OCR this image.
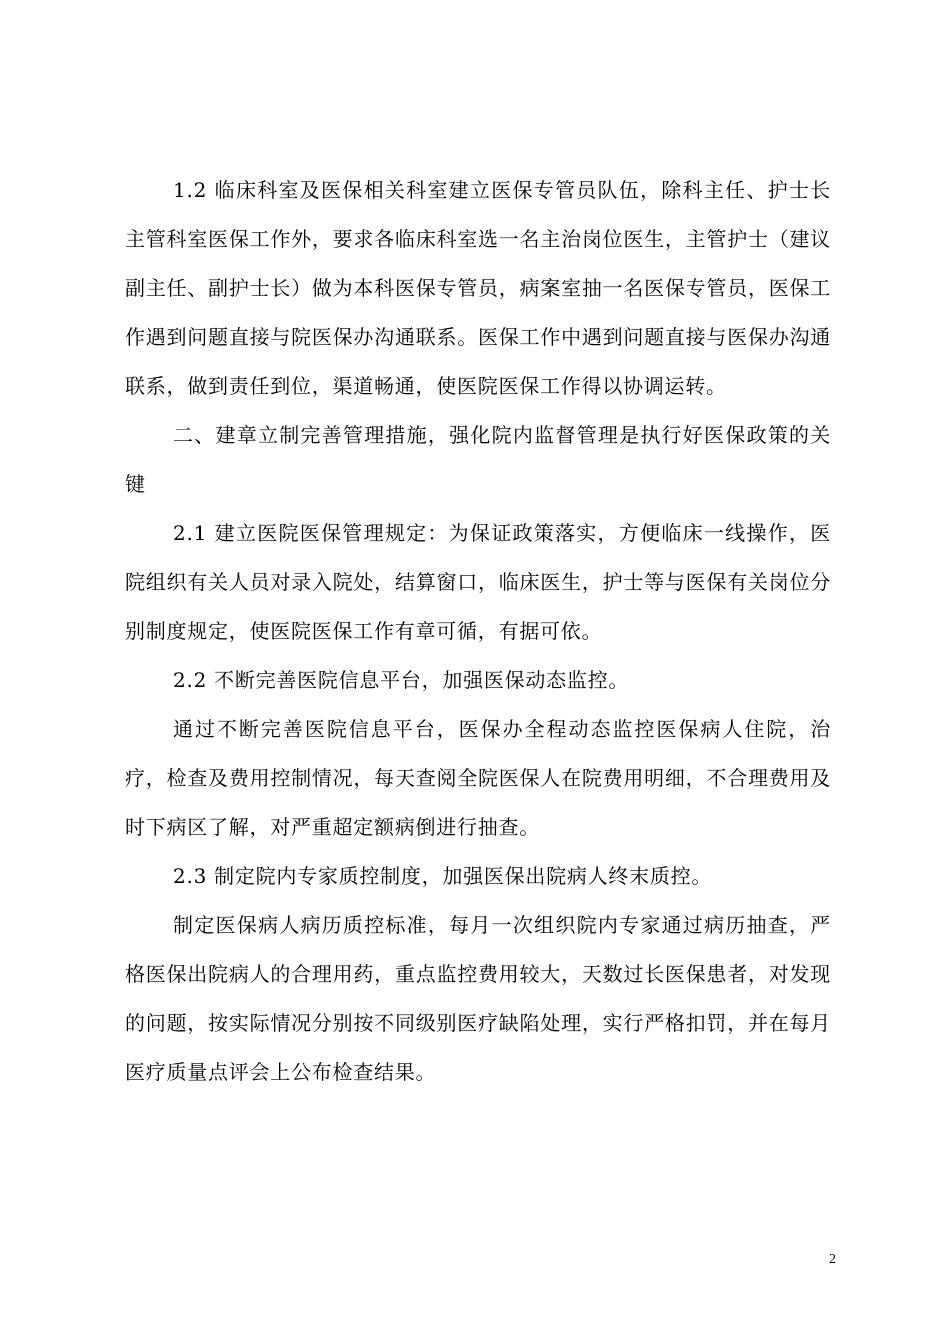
1.2 临床科室及医保相关科室建立医保专管员队伍，除科主任、护士长主管科室医保工作外，要求各临床科室选一名主治岗位医生，主管护士（建议副主任、副护士长）做为本科医保专管员，病案室抽一名医保专管员，医保工作遇到问题直接与院医保办沟通联系。医保工作中遇到问题直接与医保办沟通联系，做到责任到位，渠道畅通，使医院医保工作得以协调运转。

二、建章立制完善管理措施，强化院内监督管理是执行好医保政策的关键

2.1 建立医院医保管理规定：为保证政策落实，方便临床一线操作，医院组织有关人员对录入院处，结算窗口，临床医生，护士等与医保有关岗位分别制度规定，使医院医保工作有章可循，有据可依。

2.2 不断完善医院信息平台，加强医保动态监控。

通过不断完善医院信息平台，医保办全程动态监控医保病人住院，治疗，检查及费用控制情况，每天查阅全院医保人在院费用明细，不合理费用及时下病区了解，对严重超定额病倒进行抽查。

2.3 制定院内专家质控制度，加强医保出院病人终末质控。

制定医保病人病历质控标准，每月一次组织院内专家通过病历抽查，严格医保出院病人的合理用药，重点监控费用较大，天数过长医保患者，对发现的问题，按实际情况分别按不同级别医疗缺陷处理，实行严格扣罚，并在每月医疗质量点评会上公布检查结果。

2
